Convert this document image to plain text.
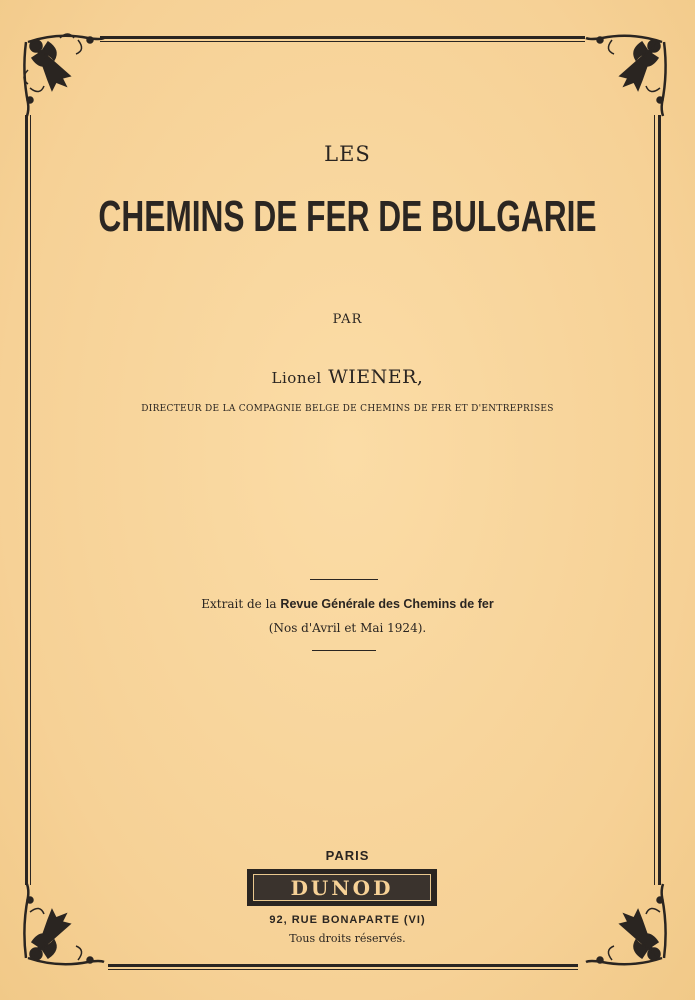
LES
CHEMINS DE FER DE BULGARIE
PAR
Lionel WIENER,
DIRECTEUR DE LA COMPAGNIE BELGE DE CHEMINS DE FER ET D'ENTREPRISES
Extrait de la Revue Générale des Chemins de fer
(Nos d'Avril et Mai 1924).
PARIS
DUNOD
92, RUE BONAPARTE (VI)
Tous droits réservés.
